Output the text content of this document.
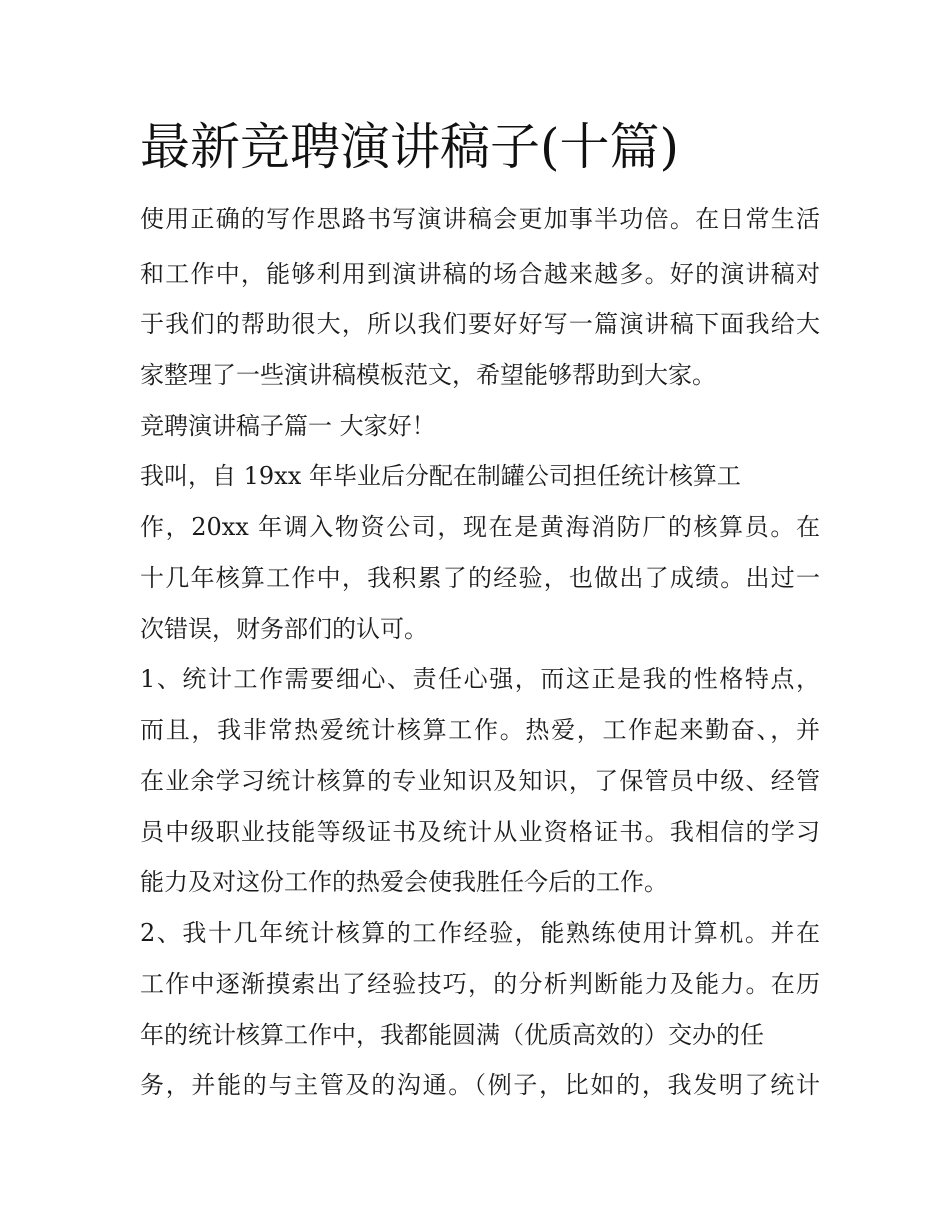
最新竞聘演讲稿子(十篇)

使用正确的写作思路书写演讲稿会更加事半功倍。在日常生活

和工作中，能够利用到演讲稿的场合越来越多。好的演讲稿对

于我们的帮助很大，所以我们要好好写一篇演讲稿下面我给大

家整理了一些演讲稿模板范文，希望能够帮助到大家。

竞聘演讲稿子篇一 大家好！

我叫，自 19xx 年毕业后分配在制罐公司担任统计核算工

作，20xx 年调入物资公司，现在是黄海消防厂的核算员。在

十几年核算工作中，我积累了的经验，也做出了成绩。出过一

次错误，财务部们的认可。

1、统计工作需要细心、责任心强，而这正是我的性格特点，

而且，我非常热爱统计核算工作。热爱，工作起来勤奋、，并

在业余学习统计核算的专业知识及知识，了保管员中级、经管

员中级职业技能等级证书及统计从业资格证书。我相信的学习

能力及对这份工作的热爱会使我胜任今后的工作。

2、我十几年统计核算的工作经验，能熟练使用计算机。并在

工作中逐渐摸索出了经验技巧，的分析判断能力及能力。在历

年的统计核算工作中，我都能圆满（优质高效的）交办的任

务，并能的与主管及的沟通。（例子，比如的，我发明了统计
